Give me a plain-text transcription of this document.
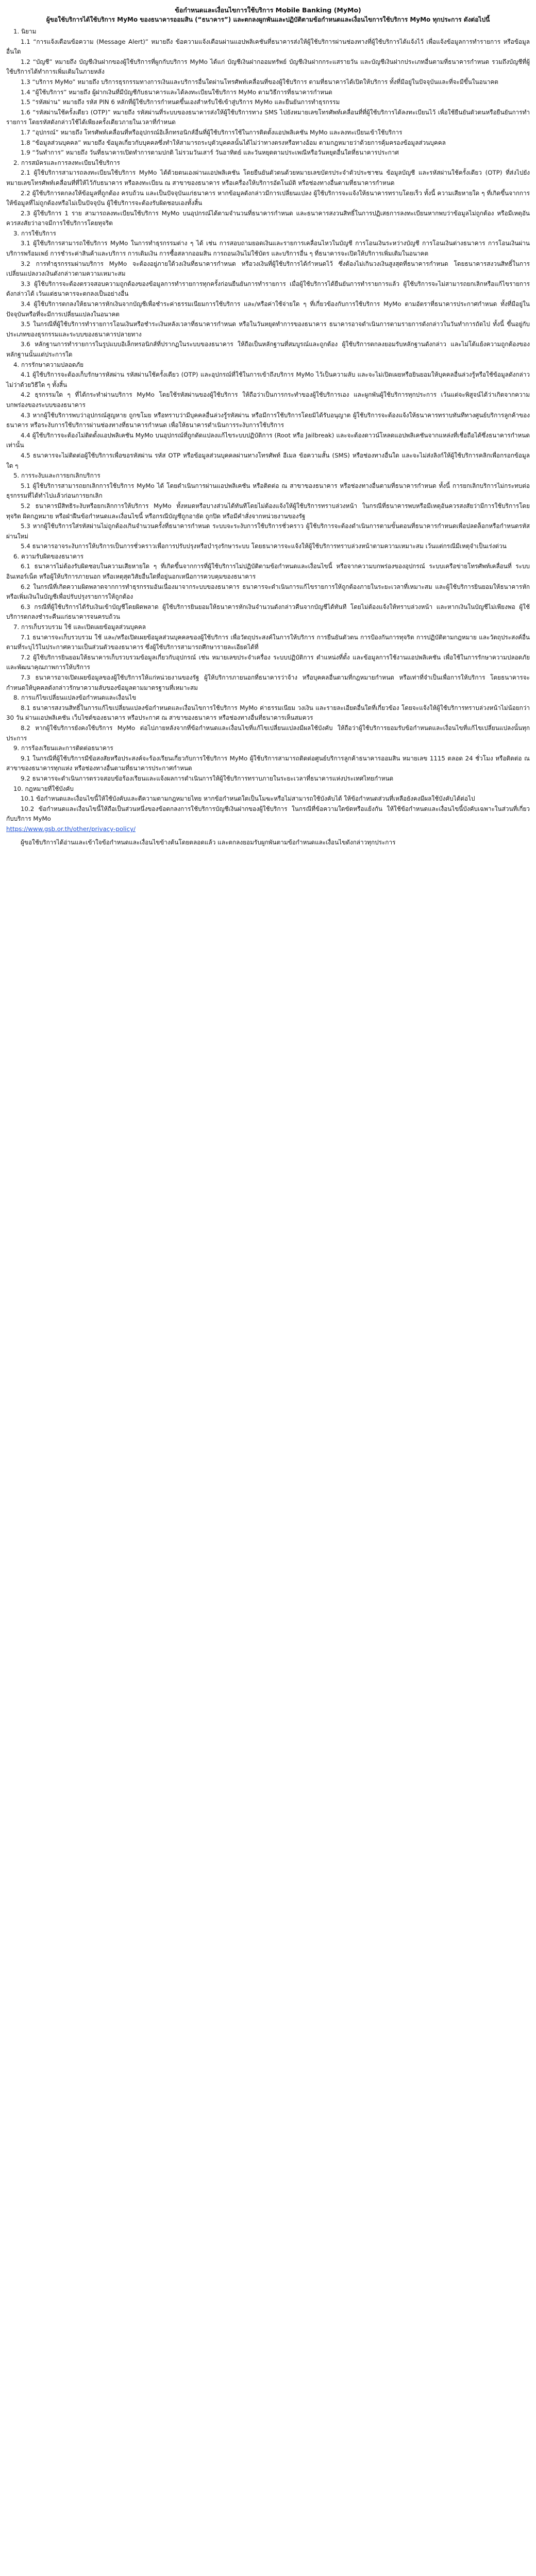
ข้อกำหนดและเงื่อนไขการใช้บริการ Mobile Banking (MyMo)

ผู้ขอใช้บริการได้ใช้บริการ MyMo ของธนาคารออมสิน (“ธนาคาร”) และตกลงผูกพันและปฏิบัติตามข้อกำหนดและเงื่อนไขการใช้บริการ MyMo ทุกประการ ดังต่อไปนี้

1. นิยาม

1.1 “การแจ้งเตือนข้อความ (Message Alert)” หมายถึง ข้อความแจ้งเตือนผ่านแอปพลิเคชันที่ธนาคารส่งให้ผู้ใช้บริการผ่านช่องทางที่ผู้ใช้บริการได้แจ้งไว้ เพื่อแจ้งข้อมูลการทำรายการ หรือข้อมูลอื่นใด

1.2 “บัญชี” หมายถึง บัญชีเงินฝากของผู้ใช้บริการที่ผูกกับบริการ MyMo ได้แก่ บัญชีเงินฝากออมทรัพย์ บัญชีเงินฝากกระแสรายวัน และบัญชีเงินฝากประเภทอื่นตามที่ธนาคารกำหนด รวมถึงบัญชีที่ผู้ใช้บริการได้ทำการเพิ่มเติมในภายหลัง

1.3 “บริการ MyMo” หมายถึง บริการธุรกรรมทางการเงินและบริการอื่นใดผ่านโทรศัพท์เคลื่อนที่ของผู้ใช้บริการ ตามที่ธนาคารได้เปิดให้บริการ ทั้งที่มีอยู่ในปัจจุบันและที่จะมีขึ้นในอนาคต

1.4 “ผู้ใช้บริการ” หมายถึง ผู้ฝากเงินที่มีบัญชีกับธนาคารและได้ลงทะเบียนใช้บริการ MyMo ตามวิธีการที่ธนาคารกำหนด

1.5 “รหัสผ่าน” หมายถึง รหัส PIN 6 หลักที่ผู้ใช้บริการกำหนดขึ้นเองสำหรับใช้เข้าสู่บริการ MyMo และยืนยันการทำธุรกรรม

1.6 “รหัสผ่านใช้ครั้งเดียว (OTP)” หมายถึง รหัสผ่านที่ระบบของธนาคารส่งให้ผู้ใช้บริการทาง SMS ไปยังหมายเลขโทรศัพท์เคลื่อนที่ที่ผู้ใช้บริการได้ลงทะเบียนไว้ เพื่อใช้ยืนยันตัวตนหรือยืนยันการทำรายการ โดยรหัสดังกล่าวใช้ได้เพียงครั้งเดียวภายในเวลาที่กำหนด

1.7 “อุปกรณ์” หมายถึง โทรศัพท์เคลื่อนที่หรืออุปกรณ์อิเล็กทรอนิกส์อื่นที่ผู้ใช้บริการใช้ในการติดตั้งแอปพลิเคชัน MyMo และลงทะเบียนเข้าใช้บริการ

1.8 “ข้อมูลส่วนบุคคล” หมายถึง ข้อมูลเกี่ยวกับบุคคลซึ่งทำให้สามารถระบุตัวบุคคลนั้นได้ไม่ว่าทางตรงหรือทางอ้อม ตามกฎหมายว่าด้วยการคุ้มครองข้อมูลส่วนบุคคล

1.9 “วันทำการ” หมายถึง วันที่ธนาคารเปิดทำการตามปกติ ไม่รวมวันเสาร์ วันอาทิตย์ และวันหยุดตามประเพณีหรือวันหยุดอื่นใดที่ธนาคารประกาศ

2. การสมัครและการลงทะเบียนใช้บริการ

2.1 ผู้ใช้บริการสามารถลงทะเบียนใช้บริการ MyMo ได้ด้วยตนเองผ่านแอปพลิเคชัน โดยยืนยันตัวตนด้วยหมายเลขบัตรประจำตัวประชาชน ข้อมูลบัญชี และรหัสผ่านใช้ครั้งเดียว (OTP) ที่ส่งไปยังหมายเลขโทรศัพท์เคลื่อนที่ที่ให้ไว้กับธนาคาร หรือลงทะเบียน ณ สาขาของธนาคาร หรือเครื่องให้บริการอัตโนมัติ หรือช่องทางอื่นตามที่ธนาคารกำหนด

2.2 ผู้ใช้บริการตกลงให้ข้อมูลที่ถูกต้อง ครบถ้วน และเป็นปัจจุบันแก่ธนาคาร หากข้อมูลดังกล่าวมีการเปลี่ยนแปลง ผู้ใช้บริการจะแจ้งให้ธนาคารทราบโดยเร็ว ทั้งนี้ ความเสียหายใด ๆ ที่เกิดขึ้นจากการให้ข้อมูลที่ไม่ถูกต้องหรือไม่เป็นปัจจุบัน ผู้ใช้บริการจะต้องรับผิดชอบเองทั้งสิ้น

2.3 ผู้ใช้บริการ 1 ราย สามารถลงทะเบียนใช้บริการ MyMo บนอุปกรณ์ได้ตามจำนวนที่ธนาคารกำหนด และธนาคารสงวนสิทธิ์ในการปฏิเสธการลงทะเบียนหากพบว่าข้อมูลไม่ถูกต้อง หรือมีเหตุอันควรสงสัยว่าอาจมีการใช้บริการโดยทุจริต

3. การใช้บริการ

3.1 ผู้ใช้บริการสามารถใช้บริการ MyMo ในการทำธุรกรรมต่าง ๆ ได้ เช่น การสอบถามยอดเงินและรายการเคลื่อนไหวในบัญชี การโอนเงินระหว่างบัญชี การโอนเงินต่างธนาคาร การโอนเงินผ่านบริการพร้อมเพย์ การชำระค่าสินค้าและบริการ การเติมเงิน การซื้อสลากออมสิน การถอนเงินไม่ใช้บัตร และบริการอื่น ๆ ที่ธนาคารจะเปิดให้บริการเพิ่มเติมในอนาคต

3.2 การทำธุรกรรมผ่านบริการ MyMo จะต้องอยู่ภายใต้วงเงินที่ธนาคารกำหนด หรือวงเงินที่ผู้ใช้บริการได้กำหนดไว้ ซึ่งต้องไม่เกินวงเงินสูงสุดที่ธนาคารกำหนด โดยธนาคารสงวนสิทธิ์ในการเปลี่ยนแปลงวงเงินดังกล่าวตามความเหมาะสม

3.3 ผู้ใช้บริการจะต้องตรวจสอบความถูกต้องของข้อมูลการทำรายการทุกครั้งก่อนยืนยันการทำรายการ เมื่อผู้ใช้บริการได้ยืนยันการทำรายการแล้ว ผู้ใช้บริการจะไม่สามารถยกเลิกหรือแก้ไขรายการดังกล่าวได้ เว้นแต่ธนาคารจะตกลงเป็นอย่างอื่น

3.4 ผู้ใช้บริการตกลงให้ธนาคารหักเงินจากบัญชีเพื่อชำระค่าธรรมเนียมการใช้บริการ และ/หรือค่าใช้จ่ายใด ๆ ที่เกี่ยวข้องกับการใช้บริการ MyMo ตามอัตราที่ธนาคารประกาศกำหนด ทั้งที่มีอยู่ในปัจจุบันหรือที่จะมีการเปลี่ยนแปลงในอนาคต

3.5 ในกรณีที่ผู้ใช้บริการทำรายการโอนเงินหรือชำระเงินหลังเวลาที่ธนาคารกำหนด หรือในวันหยุดทำการของธนาคาร ธนาคารอาจดำเนินการตามรายการดังกล่าวในวันทำการถัดไป ทั้งนี้ ขึ้นอยู่กับประเภทของธุรกรรมและระบบของธนาคารปลายทาง

3.6 หลักฐานการทำรายการในรูปแบบอิเล็กทรอนิกส์ที่ปรากฏในระบบของธนาคาร ให้ถือเป็นหลักฐานที่สมบูรณ์และถูกต้อง ผู้ใช้บริการตกลงยอมรับหลักฐานดังกล่าว และไม่โต้แย้งความถูกต้องของหลักฐานนั้นแต่ประการใด

4. การรักษาความปลอดภัย

4.1 ผู้ใช้บริการจะต้องเก็บรักษารหัสผ่าน รหัสผ่านใช้ครั้งเดียว (OTP) และอุปกรณ์ที่ใช้ในการเข้าถึงบริการ MyMo ไว้เป็นความลับ และจะไม่เปิดเผยหรือยินยอมให้บุคคลอื่นล่วงรู้หรือใช้ข้อมูลดังกล่าวไม่ว่าด้วยวิธีใด ๆ ทั้งสิ้น

4.2 ธุรกรรมใด ๆ ที่ได้กระทำผ่านบริการ MyMo โดยใช้รหัสผ่านของผู้ใช้บริการ ให้ถือว่าเป็นการกระทำของผู้ใช้บริการเอง และผูกพันผู้ใช้บริการทุกประการ เว้นแต่จะพิสูจน์ได้ว่าเกิดจากความบกพร่องของระบบของธนาคาร

4.3 หากผู้ใช้บริการพบว่าอุปกรณ์สูญหาย ถูกขโมย หรือทราบว่ามีบุคคลอื่นล่วงรู้รหัสผ่าน หรือมีการใช้บริการโดยมิได้รับอนุญาต ผู้ใช้บริการจะต้องแจ้งให้ธนาคารทราบทันทีทางศูนย์บริการลูกค้าของธนาคาร หรือระงับการใช้บริการผ่านช่องทางที่ธนาคารกำหนด เพื่อให้ธนาคารดำเนินการระงับการใช้บริการ

4.4 ผู้ใช้บริการจะต้องไม่ติดตั้งแอปพลิเคชัน MyMo บนอุปกรณ์ที่ถูกดัดแปลงแก้ไขระบบปฏิบัติการ (Root หรือ Jailbreak) และจะต้องดาวน์โหลดแอปพลิเคชันจากแหล่งที่เชื่อถือได้ซึ่งธนาคารกำหนดเท่านั้น

4.5 ธนาคารจะไม่ติดต่อผู้ใช้บริการเพื่อขอรหัสผ่าน รหัส OTP หรือข้อมูลส่วนบุคคลผ่านทางโทรศัพท์ อีเมล ข้อความสั้น (SMS) หรือช่องทางอื่นใด และจะไม่ส่งลิงก์ให้ผู้ใช้บริการคลิกเพื่อกรอกข้อมูลใด ๆ

5. การระงับและการยกเลิกบริการ

5.1 ผู้ใช้บริการสามารถยกเลิกการใช้บริการ MyMo ได้ โดยดำเนินการผ่านแอปพลิเคชัน หรือติดต่อ ณ สาขาของธนาคาร หรือช่องทางอื่นตามที่ธนาคารกำหนด ทั้งนี้ การยกเลิกบริการไม่กระทบต่อธุรกรรมที่ได้ทำไปแล้วก่อนการยกเลิก

5.2 ธนาคารมีสิทธิระงับหรือยกเลิกการให้บริการ MyMo ทั้งหมดหรือบางส่วนได้ทันทีโดยไม่ต้องแจ้งให้ผู้ใช้บริการทราบล่วงหน้า ในกรณีที่ธนาคารพบหรือมีเหตุอันควรสงสัยว่ามีการใช้บริการโดยทุจริต ผิดกฎหมาย หรือฝ่าฝืนข้อกำหนดและเงื่อนไขนี้ หรือกรณีบัญชีถูกอายัด ถูกปิด หรือมีคำสั่งจากหน่วยงานของรัฐ

5.3 หากผู้ใช้บริการใส่รหัสผ่านไม่ถูกต้องเกินจำนวนครั้งที่ธนาคารกำหนด ระบบจะระงับการใช้บริการชั่วคราว ผู้ใช้บริการจะต้องดำเนินการตามขั้นตอนที่ธนาคารกำหนดเพื่อปลดล็อกหรือกำหนดรหัสผ่านใหม่

5.4 ธนาคารอาจระงับการให้บริการเป็นการชั่วคราวเพื่อการปรับปรุงหรือบำรุงรักษาระบบ โดยธนาคารจะแจ้งให้ผู้ใช้บริการทราบล่วงหน้าตามความเหมาะสม เว้นแต่กรณีมีเหตุจำเป็นเร่งด่วน

6. ความรับผิดของธนาคาร

6.1 ธนาคารไม่ต้องรับผิดชอบในความเสียหายใด ๆ ที่เกิดขึ้นจากการที่ผู้ใช้บริการไม่ปฏิบัติตามข้อกำหนดและเงื่อนไขนี้ หรือจากความบกพร่องของอุปกรณ์ ระบบเครือข่ายโทรศัพท์เคลื่อนที่ ระบบอินเทอร์เน็ต หรือผู้ให้บริการภายนอก หรือเหตุสุดวิสัยอื่นใดที่อยู่นอกเหนือการควบคุมของธนาคาร

6.2 ในกรณีที่เกิดความผิดพลาดจากการทำธุรกรรมอันเนื่องมาจากระบบของธนาคาร ธนาคารจะดำเนินการแก้ไขรายการให้ถูกต้องภายในระยะเวลาที่เหมาะสม และผู้ใช้บริการยินยอมให้ธนาคารหักหรือเพิ่มเงินในบัญชีเพื่อปรับปรุงรายการให้ถูกต้อง

6.3 กรณีที่ผู้ใช้บริการได้รับเงินเข้าบัญชีโดยผิดพลาด ผู้ใช้บริการยินยอมให้ธนาคารหักเงินจำนวนดังกล่าวคืนจากบัญชีได้ทันที โดยไม่ต้องแจ้งให้ทราบล่วงหน้า และหากเงินในบัญชีไม่เพียงพอ ผู้ใช้บริการตกลงชำระคืนแก่ธนาคารจนครบถ้วน

7. การเก็บรวบรวม ใช้ และเปิดเผยข้อมูลส่วนบุคคล

7.1 ธนาคารจะเก็บรวบรวม ใช้ และ/หรือเปิดเผยข้อมูลส่วนบุคคลของผู้ใช้บริการ เพื่อวัตถุประสงค์ในการให้บริการ การยืนยันตัวตน การป้องกันการทุจริต การปฏิบัติตามกฎหมาย และวัตถุประสงค์อื่นตามที่ระบุไว้ในประกาศความเป็นส่วนตัวของธนาคาร ซึ่งผู้ใช้บริการสามารถศึกษารายละเอียดได้ที่

7.2 ผู้ใช้บริการยินยอมให้ธนาคารเก็บรวบรวมข้อมูลเกี่ยวกับอุปกรณ์ เช่น หมายเลขประจำเครื่อง ระบบปฏิบัติการ ตำแหน่งที่ตั้ง และข้อมูลการใช้งานแอปพลิเคชัน เพื่อใช้ในการรักษาความปลอดภัยและพัฒนาคุณภาพการให้บริการ

7.3 ธนาคารอาจเปิดเผยข้อมูลของผู้ใช้บริการให้แก่หน่วยงานของรัฐ ผู้ให้บริการภายนอกที่ธนาคารว่าจ้าง หรือบุคคลอื่นตามที่กฎหมายกำหนด หรือเท่าที่จำเป็นเพื่อการให้บริการ โดยธนาคารจะกำหนดให้บุคคลดังกล่าวรักษาความลับของข้อมูลตามมาตรฐานที่เหมาะสม

8. การแก้ไขเปลี่ยนแปลงข้อกำหนดและเงื่อนไข

8.1 ธนาคารสงวนสิทธิ์ในการแก้ไขเปลี่ยนแปลงข้อกำหนดและเงื่อนไขการใช้บริการ MyMo ค่าธรรมเนียม วงเงิน และรายละเอียดอื่นใดที่เกี่ยวข้อง โดยจะแจ้งให้ผู้ใช้บริการทราบล่วงหน้าไม่น้อยกว่า 30 วัน ผ่านแอปพลิเคชัน เว็บไซต์ของธนาคาร หรือประกาศ ณ สาขาของธนาคาร หรือช่องทางอื่นที่ธนาคารเห็นสมควร

8.2 หากผู้ใช้บริการยังคงใช้บริการ MyMo ต่อไปภายหลังจากที่ข้อกำหนดและเงื่อนไขที่แก้ไขเปลี่ยนแปลงมีผลใช้บังคับ ให้ถือว่าผู้ใช้บริการยอมรับข้อกำหนดและเงื่อนไขที่แก้ไขเปลี่ยนแปลงนั้นทุกประการ

9. การร้องเรียนและการติดต่อธนาคาร

9.1 ในกรณีที่ผู้ใช้บริการมีข้อสงสัยหรือประสงค์จะร้องเรียนเกี่ยวกับการใช้บริการ MyMo ผู้ใช้บริการสามารถติดต่อศูนย์บริการลูกค้าธนาคารออมสิน หมายเลข 1115 ตลอด 24 ชั่วโมง หรือติดต่อ ณ สาขาของธนาคารทุกแห่ง หรือช่องทางอื่นตามที่ธนาคารประกาศกำหนด

9.2 ธนาคารจะดำเนินการตรวจสอบข้อร้องเรียนและแจ้งผลการดำเนินการให้ผู้ใช้บริการทราบภายในระยะเวลาที่ธนาคารแห่งประเทศไทยกำหนด

10. กฎหมายที่ใช้บังคับ

10.1 ข้อกำหนดและเงื่อนไขนี้ให้ใช้บังคับและตีความตามกฎหมายไทย หากข้อกำหนดใดเป็นโมฆะหรือไม่สามารถใช้บังคับได้ ให้ข้อกำหนดส่วนที่เหลือยังคงมีผลใช้บังคับได้ต่อไป

10.2 ข้อกำหนดและเงื่อนไขนี้ให้ถือเป็นส่วนหนึ่งของข้อตกลงการใช้บริการบัญชีเงินฝากของผู้ใช้บริการ ในกรณีที่ข้อความใดขัดหรือแย้งกัน ให้ใช้ข้อกำหนดและเงื่อนไขนี้บังคับเฉพาะในส่วนที่เกี่ยวกับบริการ MyMo

https://www.gsb.or.th/other/privacy-policy/

ผู้ขอใช้บริการได้อ่านและเข้าใจข้อกำหนดและเงื่อนไขข้างต้นโดยตลอดแล้ว และตกลงยอมรับผูกพันตามข้อกำหนดและเงื่อนไขดังกล่าวทุกประการ
